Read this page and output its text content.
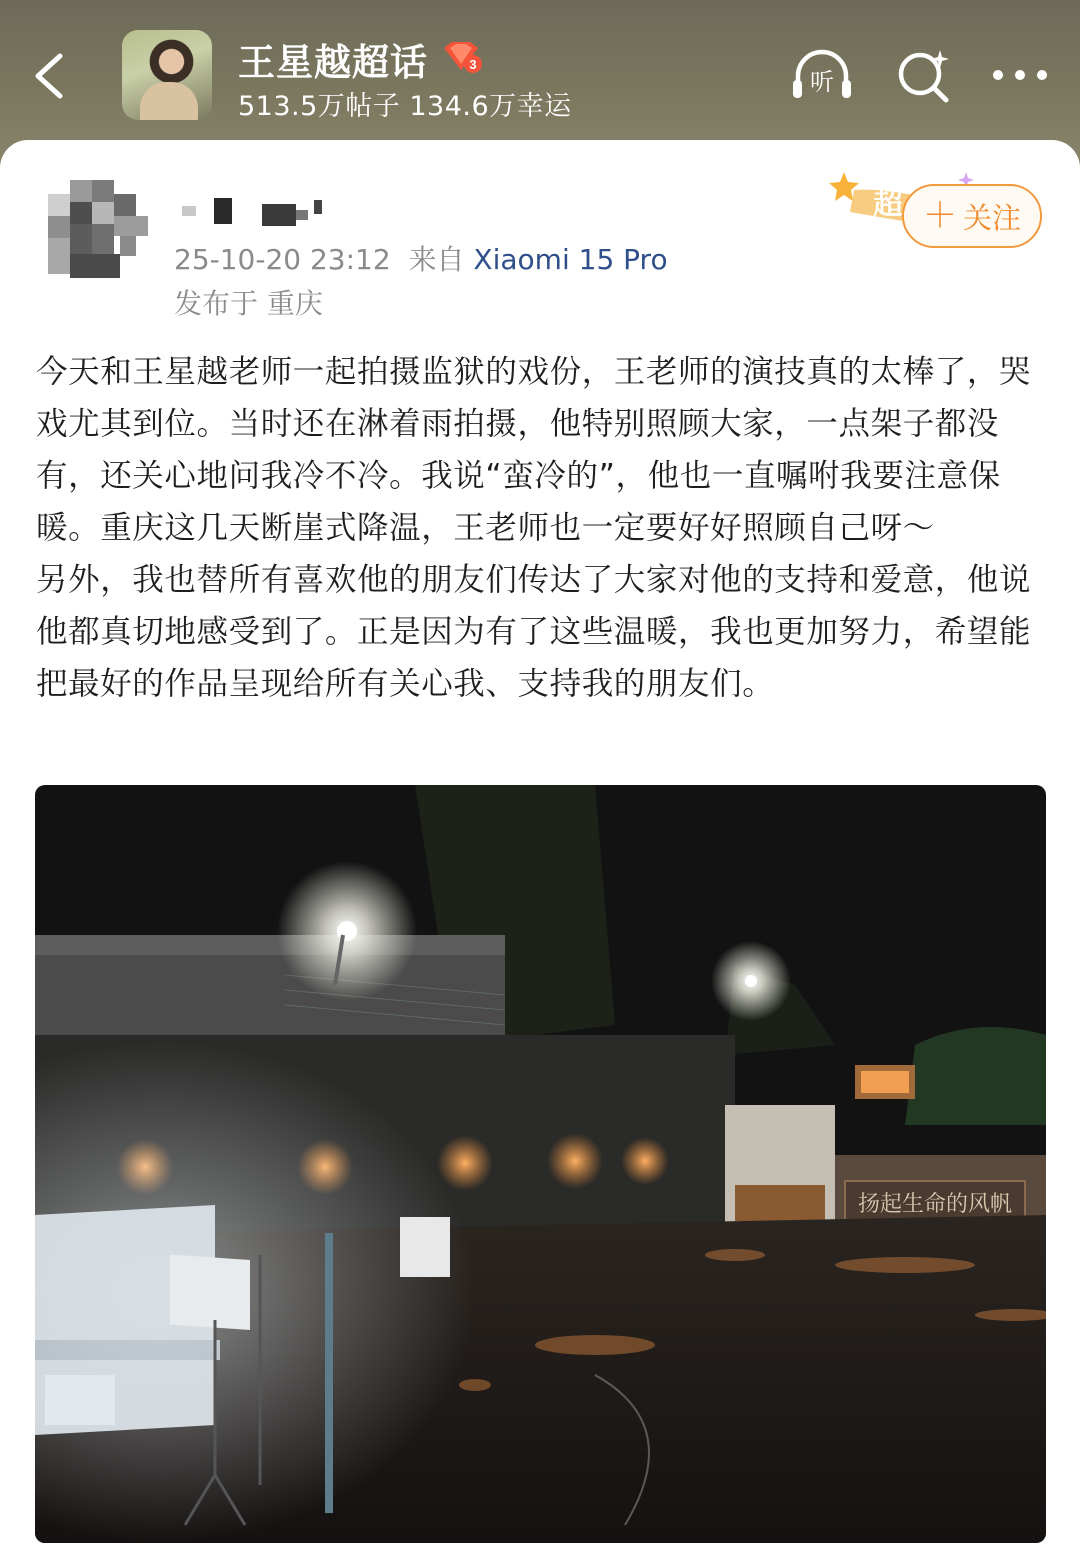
王星越超话	3
513.5万帖子 134.6万幸运
听
25-10-20 23:12 来自 Xiaomi 15 Pro
发布于 重庆
超 ＋ 关注

今天和王星越老师一起拍摄监狱的戏份，王老师的演技真的太棒了，哭戏尤其到位。当时还在淋着雨拍摄，他特别照顾大家，一点架子都没有，还关心地问我冷不冷。我说“蛮冷的”，他也一直嘱咐我要注意保暖。重庆这几天断崖式降温，王老师也一定要好好照顾自己呀～

另外，我也替所有喜欢他的朋友们传达了大家对他的支持和爱意，他说他都真切地感受到了。正是因为有了这些温暖，我也更加努力，希望能把最好的作品呈现给所有关心我、支持我的朋友们。

扬起生命的风帆
